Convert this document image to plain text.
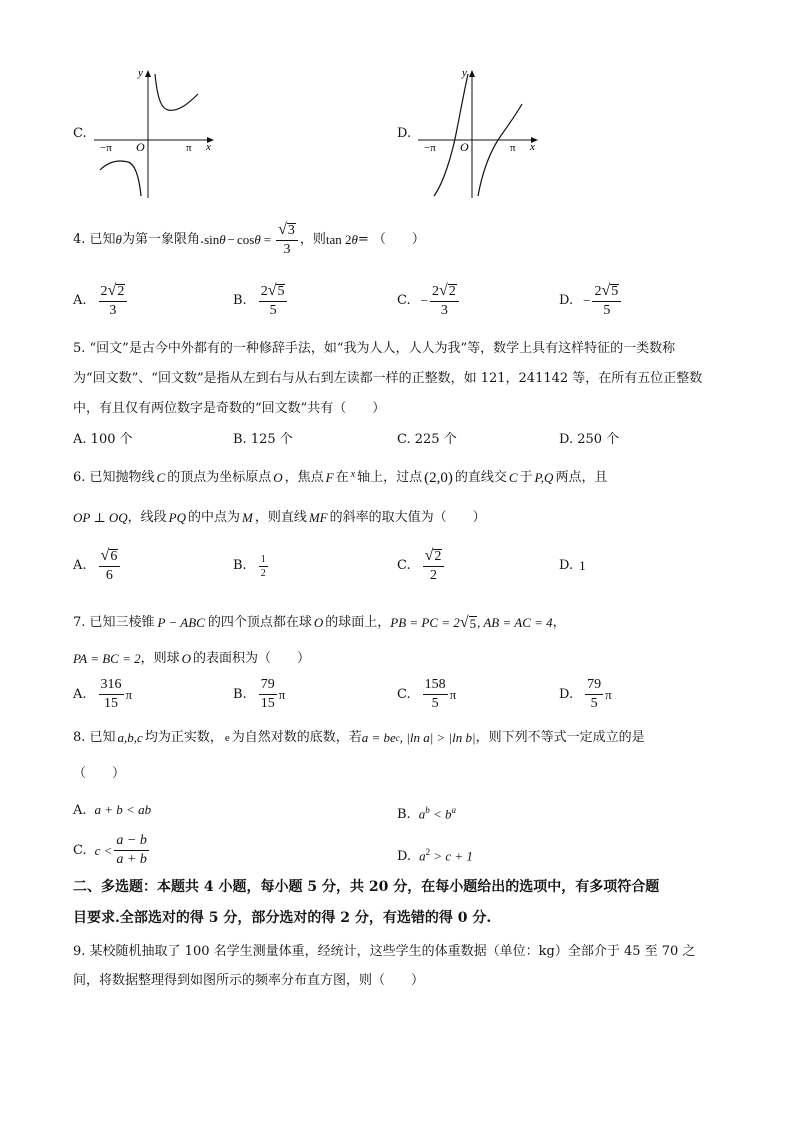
C.
y
x
O
−π	π
D.
y
x
O
−π	π
4. 已知 θ 为第一象限角. $\sin \theta - \cos \theta = \frac{√ 3}{3}$ ，则 tan 2 θ = （　　）
A. $\frac{2 √ 2}{3}$	B. $\frac{2 √ 5}{5}$	C. − $\frac{2 √ 2}{3}$	D. − $\frac{2 √ 5}{5}$
5. “回文”是古今中外都有的一种修辞手法，如“我为人人，人人为我”等，数学上具有这样特征的一类数称
为“回文数”、“回文数”是指从左到右与从右到左读都一样的正整数，如 121，241142 等，在所有五位正整数
中，有且仅有两位数字是奇数的“回文数”共有（　　）
A. 100 个	B. 125 个	C. 225 个	D. 250 个
6. 已知抛物线 C 的顶点为坐标原点 O ，焦点 F 在 x 轴上，过点 (2,0) 的直线交 C 于 P,Q 两点，且
OP ⊥ OQ ，线段 PQ 的中点为 M ，则直线 MF 的斜率的取大值为（　　）
A. $\frac{√ 6}{6}$	B. $\frac{1}{2}$	C. $\frac{√ 2}{2}$	D. 1
7. 已知三棱锥 P − ABC 的四个顶点都在球 O 的球面上， PB = PC = 2 √ 5 , AB = AC = 4 ，
PA = BC = 2 ，则球 O 的表面积为（　　）
A. $\frac{316}{15}$ π	B. $\frac{79}{15}$ π	C. $\frac{158}{5}$ π	D. $\frac{79}{5}$ π
8. 已知 a,b,c 均为正实数， e 为自然对数的底数，若 a = be c , |ln a| > |ln b| ，则下列不等式一定成立的是
（　　）
A. a + b < ab	B. $a^b < b^a$
C. $c < \frac{a - b}{a + b}$	D. $a^2 > c + 1$
二、多选题：本题共 4 小题，每小题 5 分，共 20 分，在每小题给出的选项中，有多项符合题
目要求.全部选对的得 5 分，部分选对的得 2 分，有选错的得 0 分.
9. 某校随机抽取了 100 名学生测量体重，经统计，这些学生的体重数据（单位：kg）全部介于 45 至 70 之
间，将数据整理得到如图所示的频率分布直方图，则（　　）
